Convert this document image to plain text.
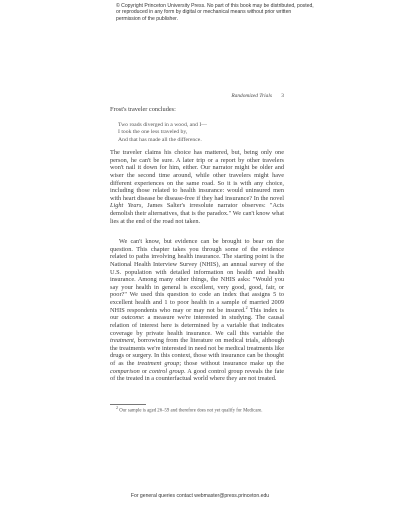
© Copyright Princeton University Press. No part of this book may be distributed, posted, or reproduced in any form by digital or mechanical means without prior written permission of the publisher.
Randomized Trials 3
Frost's traveler concludes:
Two roads diverged in a wood, and I—
I took the one less traveled by,
And that has made all the difference.
The traveler claims his choice has mattered, but, being only one person, he can't be sure. A later trip or a report by other travelers won't nail it down for him, either. Our narrator might be older and wiser the second time around, while other travelers might have different experiences on the same road. So it is with any choice, including those related to health insurance: would uninsured men with heart disease be disease-free if they had insurance? In the novel Light Years, James Salter's irresolute narrator observes: "Acts demolish their alternatives, that is the paradox." We can't know what lies at the end of the road not taken.
We can't know, but evidence can be brought to bear on the question. This chapter takes you through some of the evidence related to paths involving health insurance. The starting point is the National Health Interview Survey (NHIS), an annual survey of the U.S. population with detailed information on health and health insurance. Among many other things, the NHIS asks: "Would you say your health in general is excellent, very good, good, fair, or poor?" We used this question to code an index that assigns 5 to excellent health and 1 to poor health in a sample of married 2009 NHIS respondents who may or may not be insured.$^2$ This index is our outcome: a measure we're interested in studying. The causal relation of interest here is determined by a variable that indicates coverage by private health insurance. We call this variable the treatment, borrowing from the literature on medical trials, although the treatments we're interested in need not be medical treatments like drugs or surgery. In this context, those with insurance can be thought of as the treatment group; those without insurance make up the comparison or control group. A good control group reveals the fate of the treated in a counterfactual world where they are not treated.
$^2$ Our sample is aged 26–59 and therefore does not yet qualify for Medicare.
For general queries contact webmaster@press.princeton.edu
